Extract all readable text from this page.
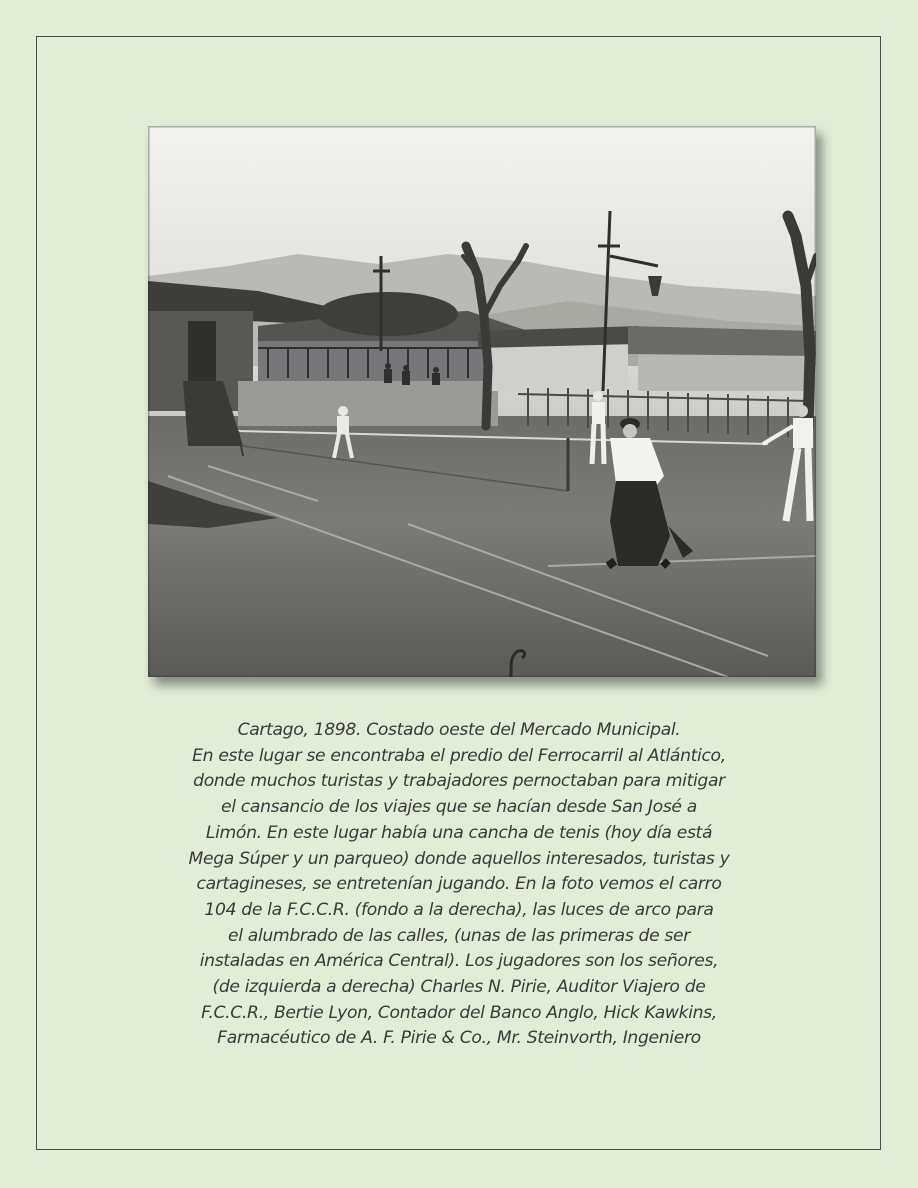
Cartago, 1898. Costado oeste del Mercado Municipal.
En este lugar se encontraba el predio del Ferrocarril al Atlántico,
donde muchos turistas y trabajadores pernoctaban para mitigar
el cansancio de los viajes que se hacían desde San José a
Limón. En este lugar había una cancha de tenis (hoy día está
Mega Súper y un parqueo) donde aquellos interesados, turistas y
cartagineses, se entretenían jugando. En la foto vemos el carro
104 de la F.C.C.R. (fondo a la derecha), las luces de arco para
el alumbrado de las calles, (unas de las primeras de ser
instaladas en América Central). Los jugadores son los señores,
(de izquierda a derecha) Charles N. Pirie, Auditor Viajero de
F.C.C.R., Bertie Lyon, Contador del Banco Anglo, Hick Kawkins,
Farmacéutico de A. F. Pirie & Co., Mr. Steinvorth, Ingeniero
